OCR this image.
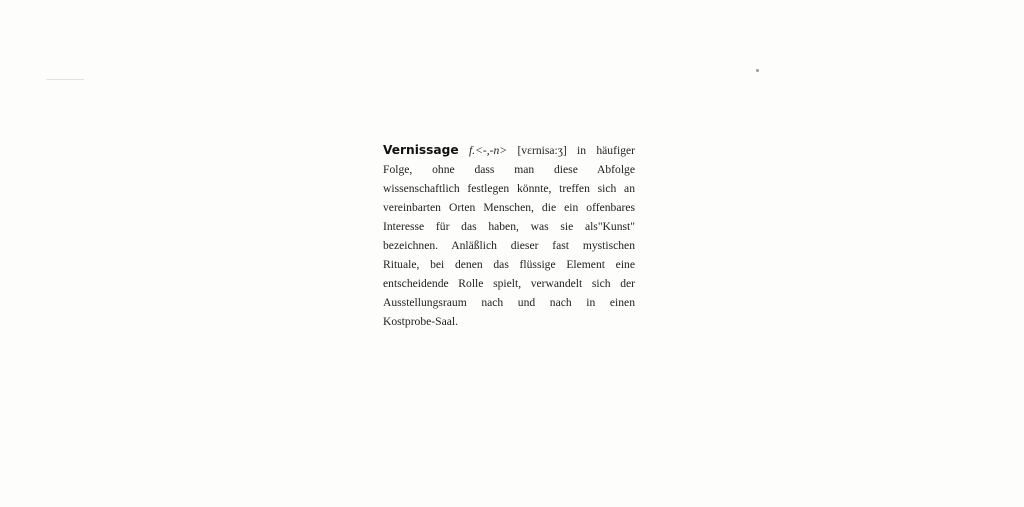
Vernissage f.<-,-n> [vɛrnisa:ʒ] in häufiger
Folge, ohne dass man diese Abfolge
wissenschaftlich festlegen könnte, treffen sich an
vereinbarten Orten Menschen, die ein offenbares
Interesse für das haben, was sie als"Kunst"
bezeichnen. Anläßlich dieser fast mystischen
Rituale, bei denen das flüssige Element eine
entscheidende Rolle spielt, verwandelt sich der
Ausstellungsraum nach und nach in einen
Kostprobe-Saal.
